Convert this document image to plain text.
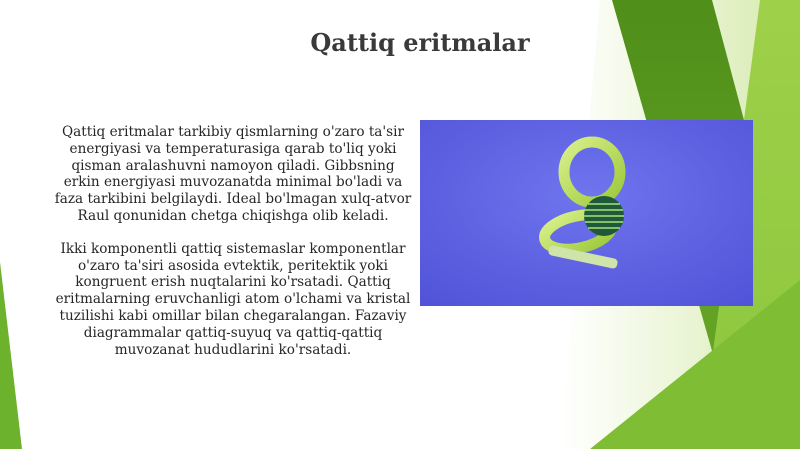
Qattiq eritmalar

Qattiq eritmalar tarkibiy qismlarning o'zaro ta'sir energiyasi va temperaturasiga qarab to'liq yoki qisman aralashuvni namoyon qiladi. Gibbsning erkin energiyasi muvozanatda minimal bo'ladi va faza tarkibini belgilaydi. Ideal bo'lmagan xulq-atvor Raul qonunidan chetga chiqishga olib keladi.

Ikki komponentli qattiq sistemaslar komponentlar o'zaro ta'siri asosida evtektik, peritektik yoki kongruent erish nuqtalarini ko'rsatadi. Qattiq eritmalarning eruvchanligi atom o'lchami va kristal tuzilishi kabi omillar bilan chegaralangan. Fazaviy diagrammalar qattiq-suyuq va qattiq-qattiq muvozanat hududlarini ko'rsatadi.
